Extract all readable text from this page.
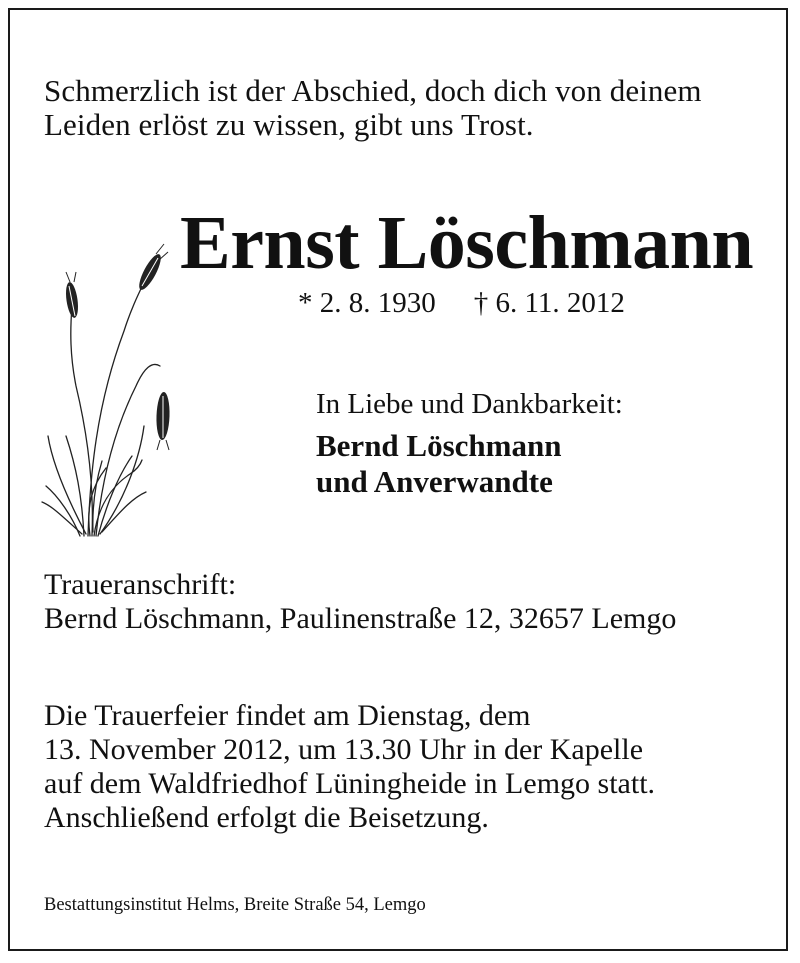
Schmerzlich ist der Abschied, doch dich von deinem
Leiden erlöst zu wissen, gibt uns Trost.
Ernst Löschmann
* 2. 8. 1930 † 6. 11. 2012
In Liebe und Dankbarkeit:
Bernd Löschmann
und Anverwandte
Traueranschrift:
Bernd Löschmann, Paulinenstraße 12, 32657 Lemgo
Die Trauerfeier findet am Dienstag, dem
13. November 2012, um 13.30 Uhr in der Kapelle
auf dem Waldfriedhof Lüningheide in Lemgo statt.
Anschließend erfolgt die Beisetzung.
Bestattungsinstitut Helms, Breite Straße 54, Lemgo
